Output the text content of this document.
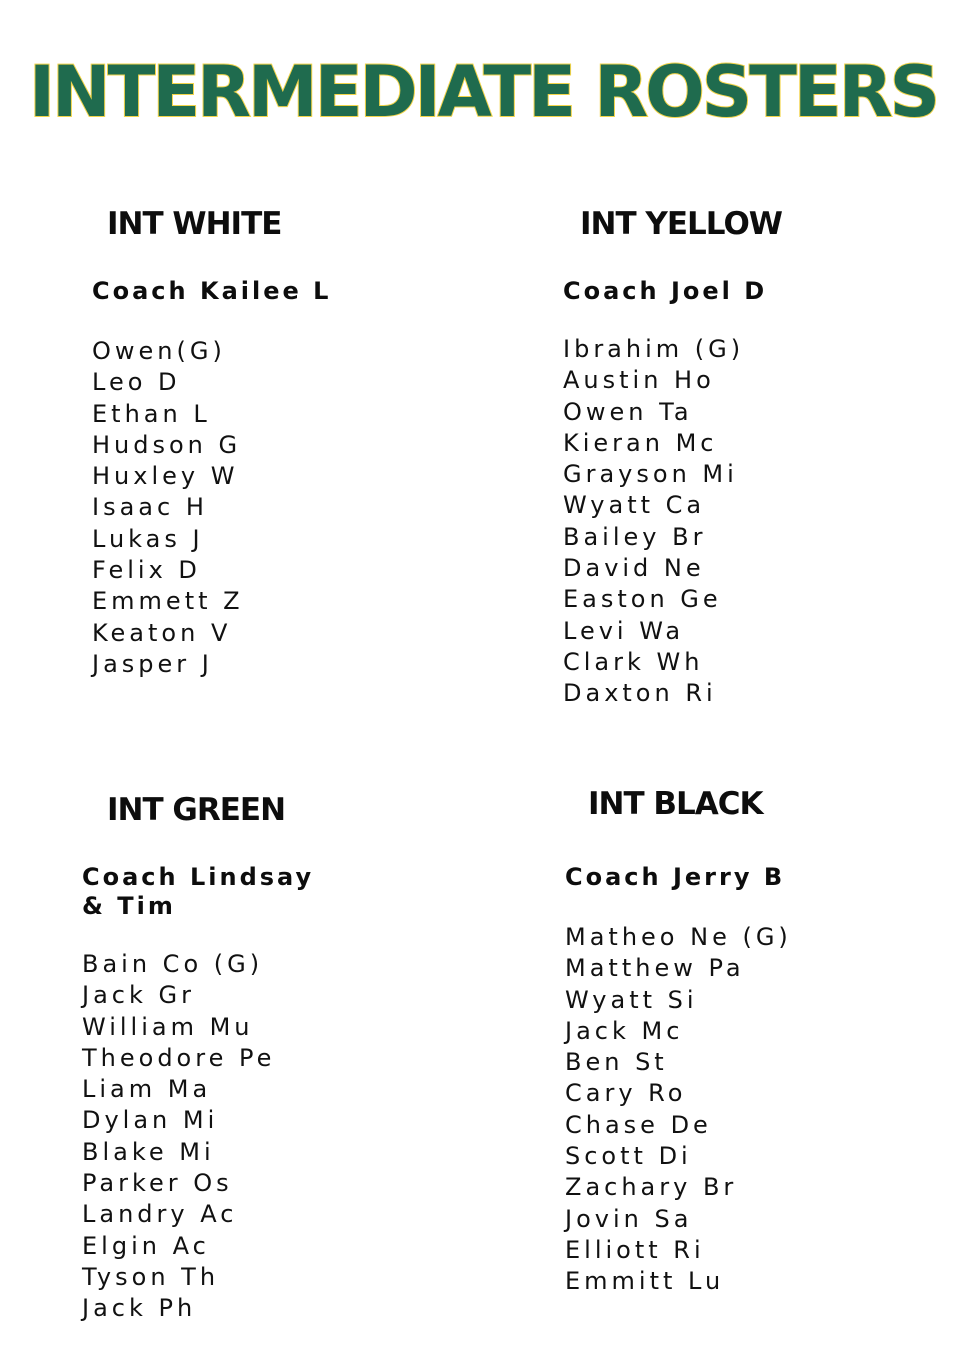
INTERMEDIATE ROSTERS
INT WHITE
Coach Kailee L
Owen(G)
Leo D
Ethan L
Hudson G
Huxley W
Isaac H
Lukas J
Felix D
Emmett Z
Keaton V
Jasper J
INT YELLOW
Coach Joel D
Ibrahim (G)
Austin Ho
Owen Ta
Kieran Mc
Grayson Mi
Wyatt Ca
Bailey Br
David Ne
Easton Ge
Levi Wa
Clark Wh
Daxton Ri
INT GREEN
Coach Lindsay
& Tim
Bain Co (G)
Jack Gr
William Mu
Theodore Pe
Liam Ma
Dylan Mi
Blake Mi
Parker Os
Landry Ac
Elgin Ac
Tyson Th
Jack Ph
INT BLACK
Coach Jerry B
Matheo Ne (G)
Matthew Pa
Wyatt Si
Jack Mc
Ben St
Cary Ro
Chase De
Scott Di
Zachary Br
Jovin Sa
Elliott Ri
Emmitt Lu
